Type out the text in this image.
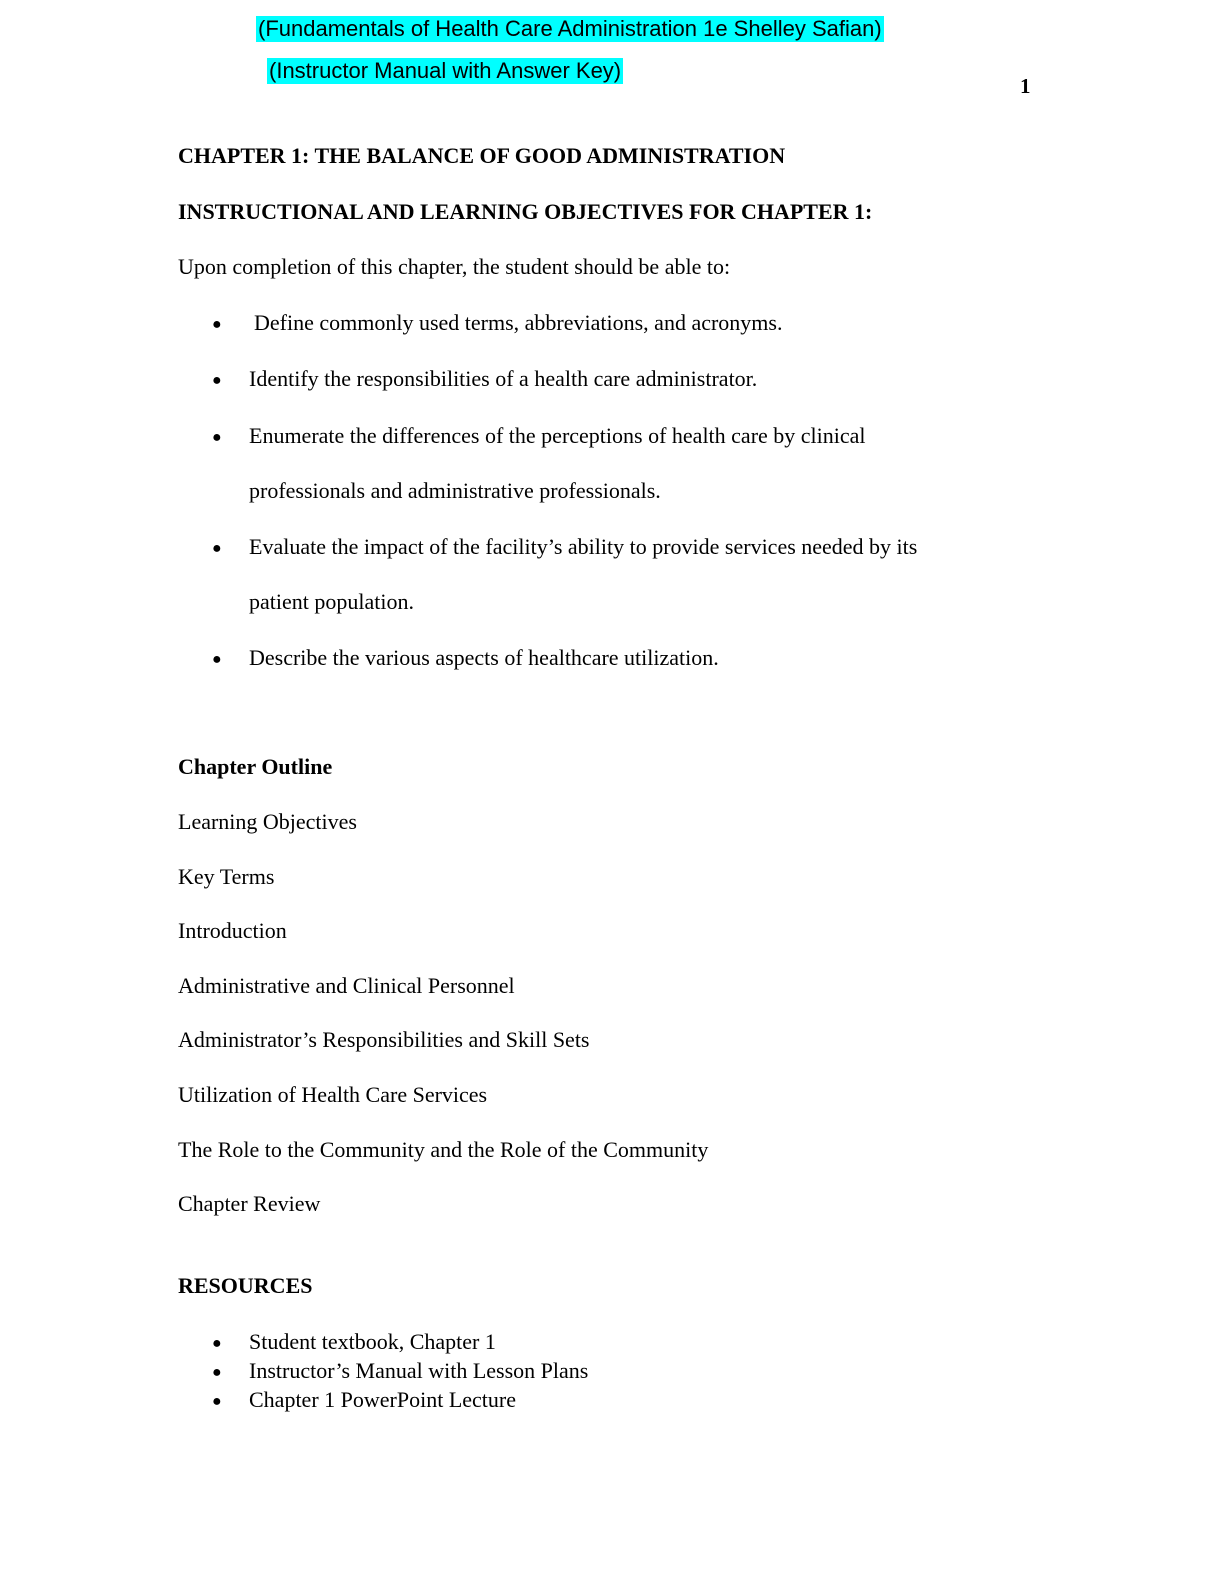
(Fundamentals of Health Care Administration 1e Shelley Safian)
(Instructor Manual with Answer Key)
1
CHAPTER 1: THE BALANCE OF GOOD ADMINISTRATION
INSTRUCTIONAL AND LEARNING OBJECTIVES FOR CHAPTER 1:
Upon completion of this chapter, the student should be able to:
● Define commonly used terms, abbreviations, and acronyms.
● Identify the responsibilities of a health care administrator.
● Enumerate the differences of the perceptions of health care by clinical
professionals and administrative professionals.
● Evaluate the impact of the facility’s ability to provide services needed by its
patient population.
● Describe the various aspects of healthcare utilization.
Chapter Outline
Learning Objectives
Key Terms
Introduction
Administrative and Clinical Personnel
Administrator’s Responsibilities and Skill Sets
Utilization of Health Care Services
The Role to the Community and the Role of the Community
Chapter Review
RESOURCES
● Student textbook, Chapter 1
● Instructor’s Manual with Lesson Plans
● Chapter 1 PowerPoint Lecture
